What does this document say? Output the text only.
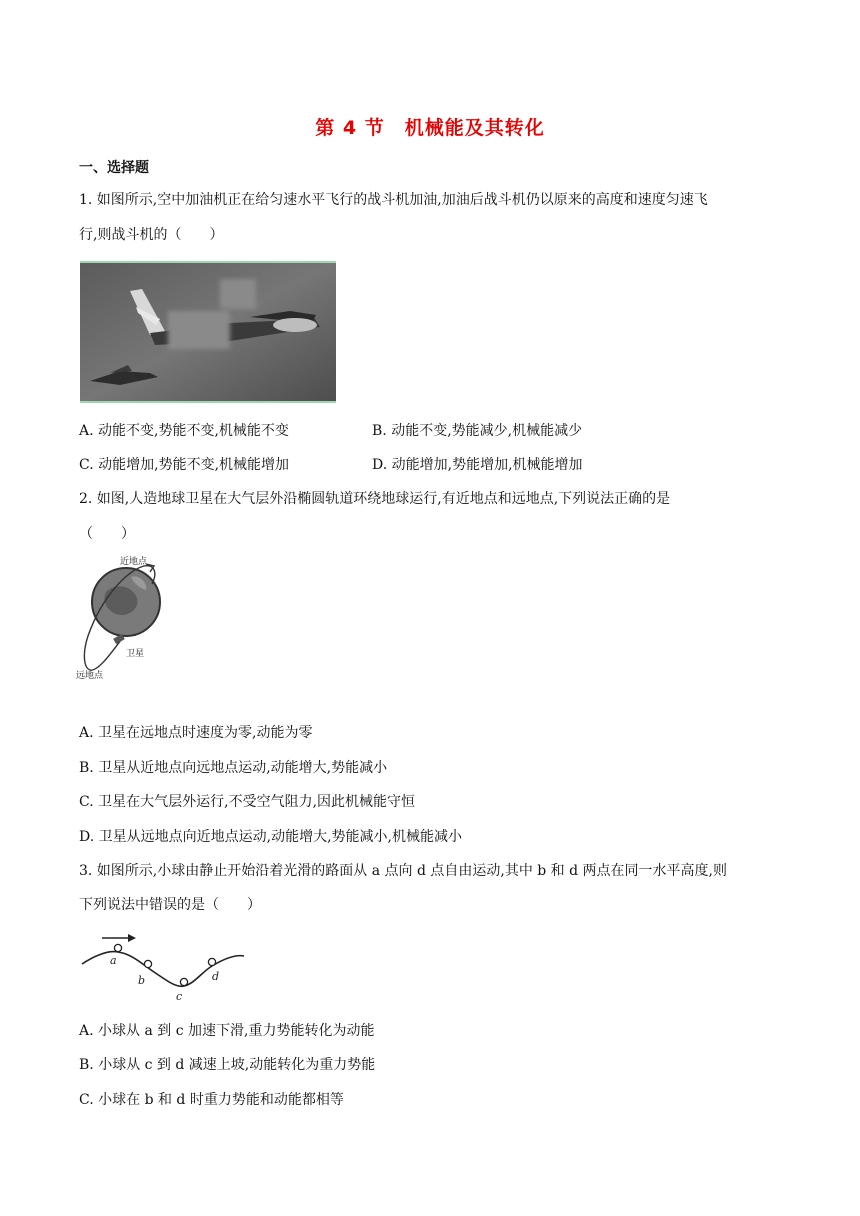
第 4 节　机械能及其转化
一、选择题
1. 如图所示,空中加油机正在给匀速水平飞行的战斗机加油,加油后战斗机仍以原来的高度和速度匀速飞
行,则战斗机的（　　）
A. 动能不变,势能不变,机械能不变	B. 动能不变,势能减少,机械能减少
C. 动能增加,势能不变,机械能增加	D. 动能增加,势能增加,机械能增加
2. 如图,人造地球卫星在大气层外沿椭圆轨道环绕地球运行,有近地点和远地点,下列说法正确的是
（　　）
近地点
卫星
远地点
A. 卫星在远地点时速度为零,动能为零
B. 卫星从近地点向远地点运动,动能增大,势能减小
C. 卫星在大气层外运行,不受空气阻力,因此机械能守恒
D. 卫星从远地点向近地点运动,动能增大,势能减小,机械能减小
3. 如图所示,小球由静止开始沿着光滑的路面从 a 点向 d 点自由运动,其中 b 和 d 两点在同一水平高度,则
下列说法中错误的是（　　）
a
b
c
d
A. 小球从 a 到 c 加速下滑,重力势能转化为动能
B. 小球从 c 到 d 减速上坡,动能转化为重力势能
C. 小球在 b 和 d 时重力势能和动能都相等
